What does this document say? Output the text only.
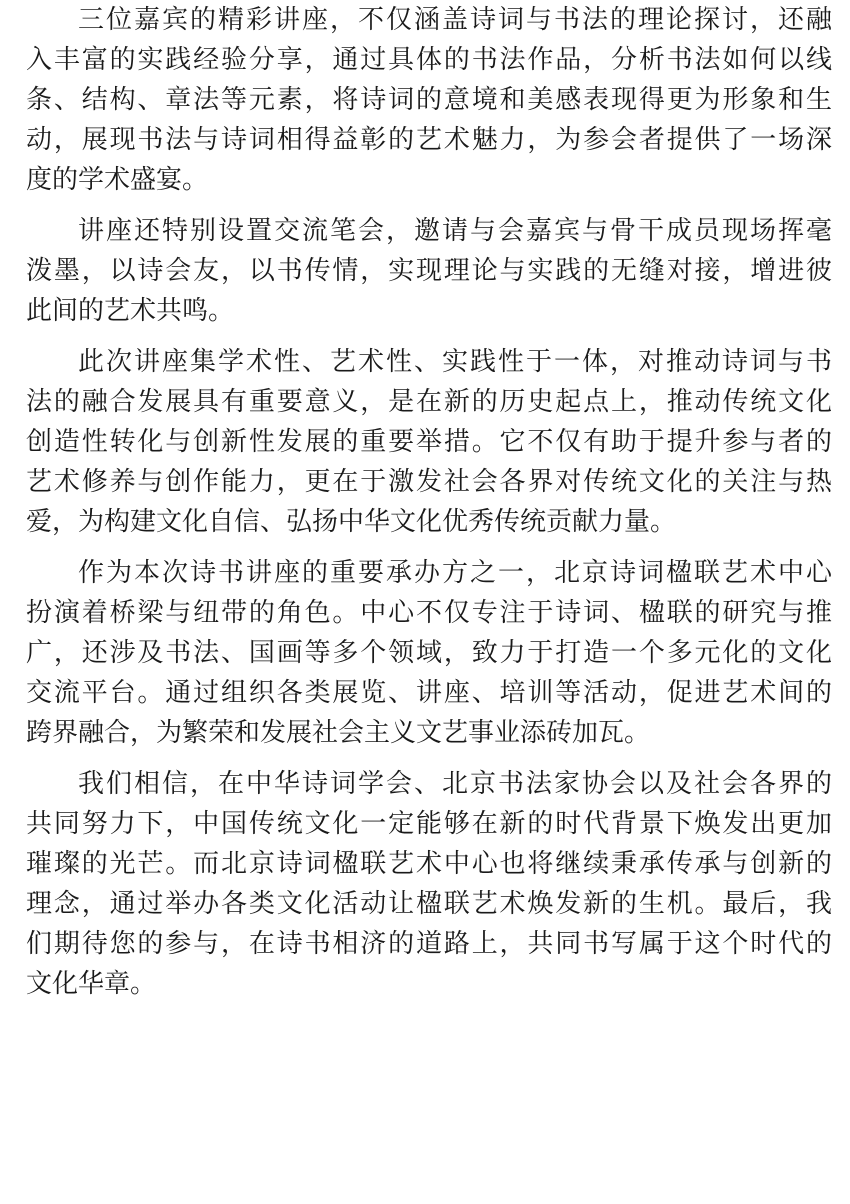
三位嘉宾的精彩讲座，不仅涵盖诗词与书法的理论探讨，还融
入丰富的实践经验分享，通过具体的书法作品，分析书法如何以线
条、结构、章法等元素，将诗词的意境和美感表现得更为形象和生
动，展现书法与诗词相得益彰的艺术魅力，为参会者提供了一场深
度的学术盛宴。
讲座还特别设置交流笔会，邀请与会嘉宾与骨干成员现场挥毫
泼墨，以诗会友，以书传情，实现理论与实践的无缝对接，增进彼
此间的艺术共鸣。
此次讲座集学术性、艺术性、实践性于一体，对推动诗词与书
法的融合发展具有重要意义，是在新的历史起点上，推动传统文化
创造性转化与创新性发展的重要举措。它不仅有助于提升参与者的
艺术修养与创作能力，更在于激发社会各界对传统文化的关注与热
爱，为构建文化自信、弘扬中华文化优秀传统贡献力量。
作为本次诗书讲座的重要承办方之一，北京诗词楹联艺术中心
扮演着桥梁与纽带的角色。中心不仅专注于诗词、楹联的研究与推
广，还涉及书法、国画等多个领域，致力于打造一个多元化的文化
交流平台。通过组织各类展览、讲座、培训等活动，促进艺术间的
跨界融合，为繁荣和发展社会主义文艺事业添砖加瓦。
我们相信，在中华诗词学会、北京书法家协会以及社会各界的
共同努力下，中国传统文化一定能够在新的时代背景下焕发出更加
璀璨的光芒。而北京诗词楹联艺术中心也将继续秉承传承与创新的
理念，通过举办各类文化活动让楹联艺术焕发新的生机。最后，我
们期待您的参与，在诗书相济的道路上，共同书写属于这个时代的
文化华章。
